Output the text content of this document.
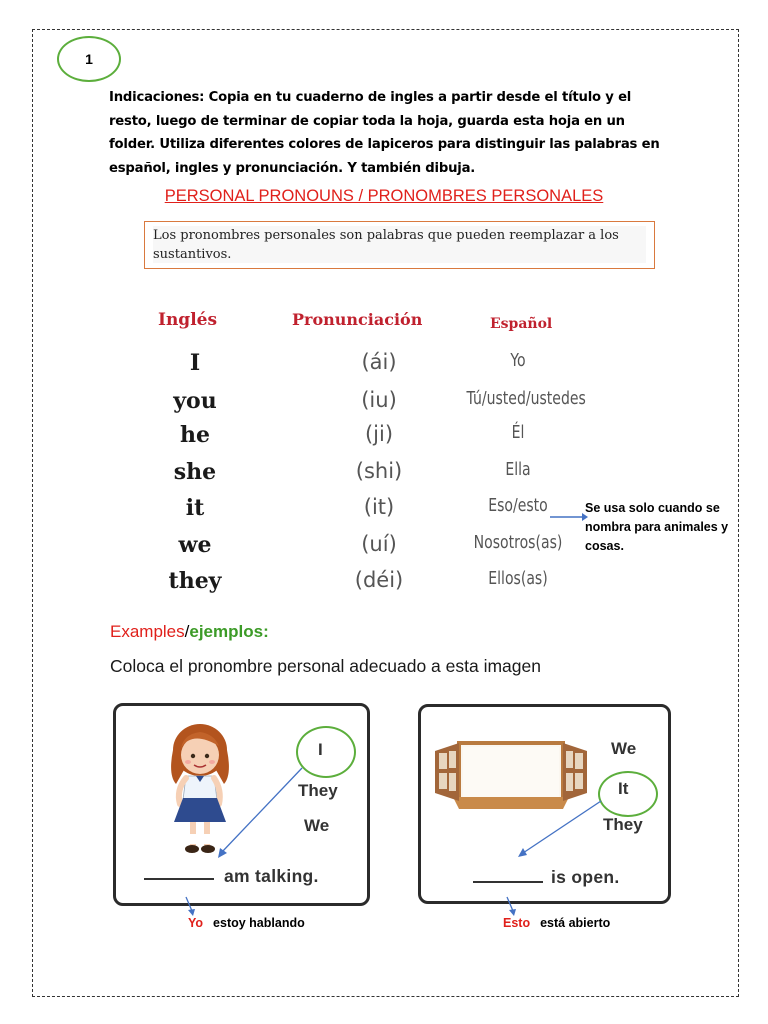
1
Indicaciones: Copia en tu cuaderno de ingles a partir desde el título y el resto, luego de terminar de copiar toda la hoja, guarda esta hoja en un folder. Utiliza diferentes colores de lapiceros para distinguir las palabras en español, ingles y pronunciación. Y también dibuja.
PERSONAL PRONOUNS / PRONOMBRES PERSONALES
Los pronombres personales son palabras que pueden reemplazar a los sustantivos.
Inglés	Pronunciación	Español
I	(ái)	Yo
you	(iu)	Tú/usted/ustedes
he	(ji)	Él
she	(shi)	Ella
it	(it)	Eso/esto
we	(uí)	Nosotros(as)
they	(déi)	Ellos(as)
Se usa solo cuando se nombra para animales y cosas.
Examples/ejemplos:
Coloca el pronombre personal adecuado a esta imagen
I
They
We
am talking.
We
It
They
is open.
Yo estoy hablando	Esto está abierto
